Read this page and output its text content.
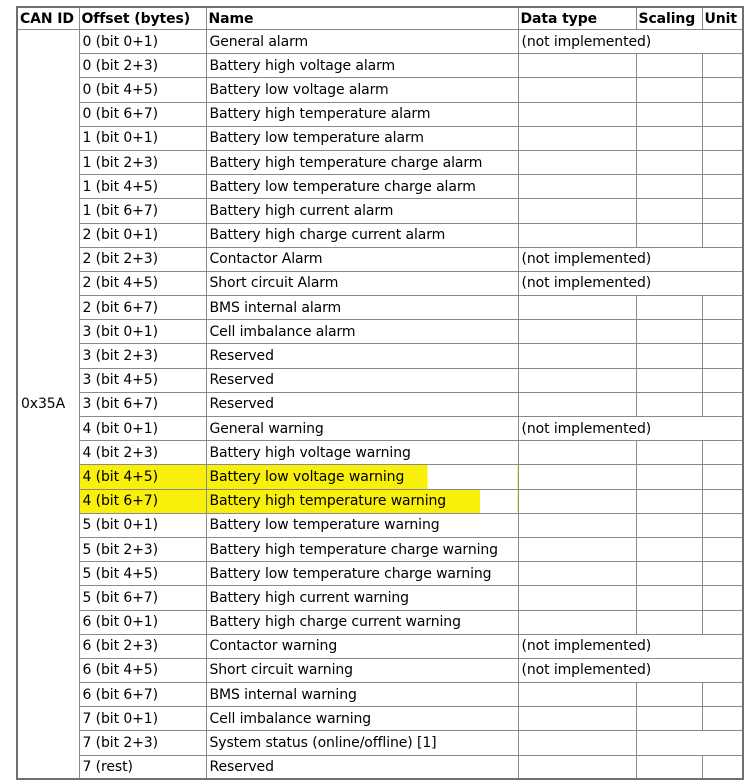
CAN ID	Offset (bytes)	Name	Data type	Scaling	Unit
0x35A	0 (bit 0+1)	General alarm	(not implemented)		
	0 (bit 2+3)	Battery high voltage alarm			
	0 (bit 4+5)	Battery low voltage alarm			
	0 (bit 6+7)	Battery high temperature alarm			
	1 (bit 0+1)	Battery low temperature alarm			
	1 (bit 2+3)	Battery high temperature charge alarm			
	1 (bit 4+5)	Battery low temperature charge alarm			
	1 (bit 6+7)	Battery high current alarm			
	2 (bit 0+1)	Battery high charge current alarm			
	2 (bit 2+3)	Contactor Alarm	(not implemented)		
	2 (bit 4+5)	Short circuit Alarm	(not implemented)		
	2 (bit 6+7)	BMS internal alarm			
	3 (bit 0+1)	Cell imbalance alarm			
	3 (bit 2+3)	Reserved			
	3 (bit 4+5)	Reserved			
	3 (bit 6+7)	Reserved			
	4 (bit 0+1)	General warning	(not implemented)		
	4 (bit 2+3)	Battery high voltage warning			
	4 (bit 4+5)	Battery low voltage warning			
	4 (bit 6+7)	Battery high temperature warning			
	5 (bit 0+1)	Battery low temperature warning			
	5 (bit 2+3)	Battery high temperature charge warning			
	5 (bit 4+5)	Battery low temperature charge warning			
	5 (bit 6+7)	Battery high current warning			
	6 (bit 0+1)	Battery high charge current warning			
	6 (bit 2+3)	Contactor warning	(not implemented)		
	6 (bit 4+5)	Short circuit warning	(not implemented)		
	6 (bit 6+7)	BMS internal warning			
	7 (bit 0+1)	Cell imbalance warning			
	7 (bit 2+3)	System status (online/offline) [1]			
	7 (rest)	Reserved			
